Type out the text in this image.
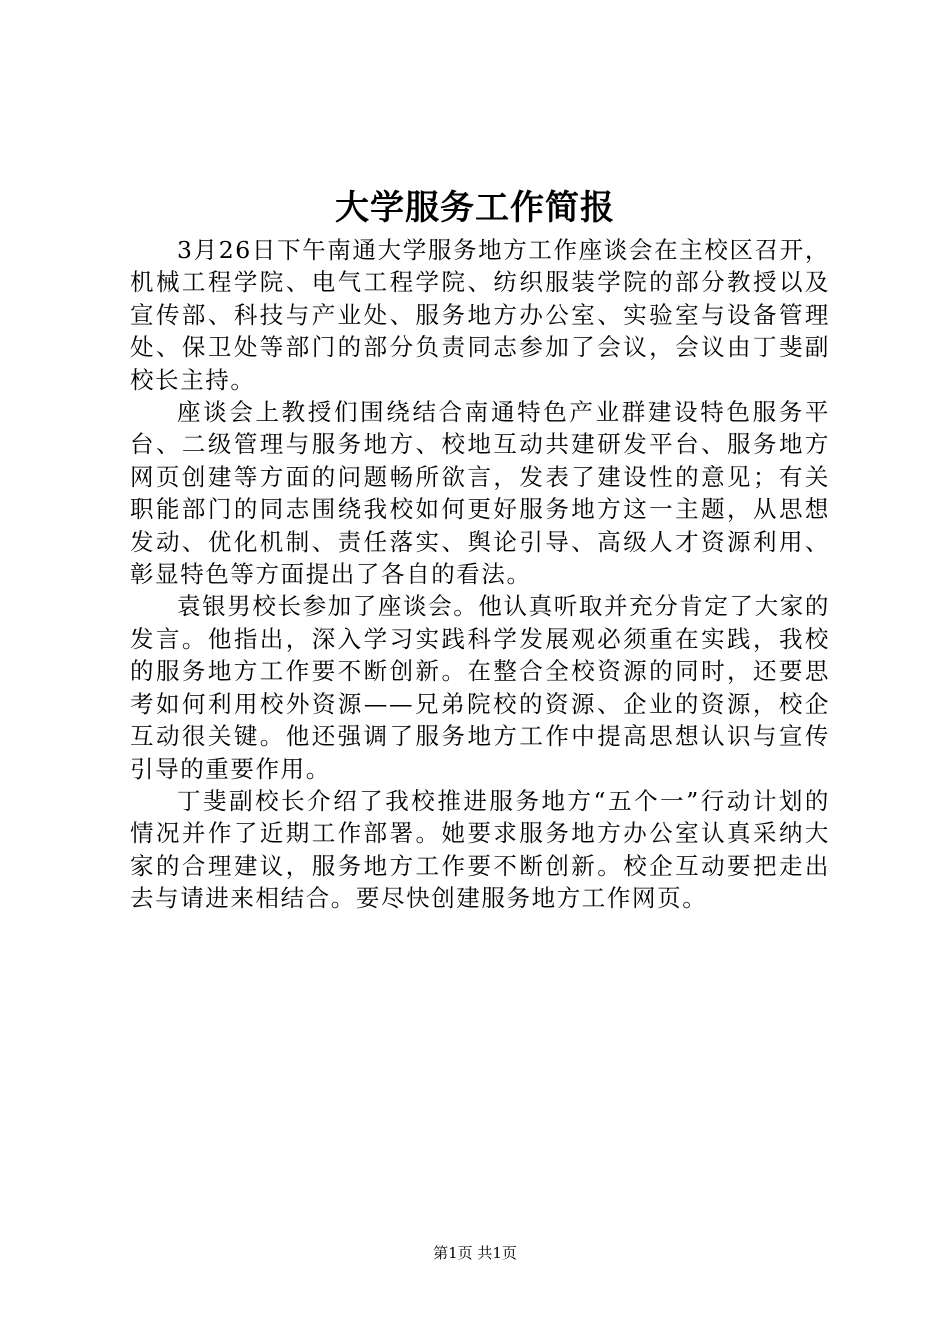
大学服务工作简报

3月26日下午南通大学服务地方工作座谈会在主校区召开，机械工程学院、电气工程学院、纺织服装学院的部分教授以及宣传部、科技与产业处、服务地方办公室、实验室与设备管理处、保卫处等部门的部分负责同志参加了会议，会议由丁斐副校长主持。

座谈会上教授们围绕结合南通特色产业群建设特色服务平台、二级管理与服务地方、校地互动共建研发平台、服务地方网页创建等方面的问题畅所欲言，发表了建设性的意见；有关职能部门的同志围绕我校如何更好服务地方这一主题，从思想发动、优化机制、责任落实、舆论引导、高级人才资源利用、彰显特色等方面提出了各自的看法。

袁银男校长参加了座谈会。他认真听取并充分肯定了大家的发言。他指出，深入学习实践科学发展观必须重在实践，我校的服务地方工作要不断创新。在整合全校资源的同时，还要思考如何利用校外资源——兄弟院校的资源、企业的资源，校企互动很关键。他还强调了服务地方工作中提高思想认识与宣传引导的重要作用。

丁斐副校长介绍了我校推进服务地方“五个一”行动计划的情况并作了近期工作部署。她要求服务地方办公室认真采纳大家的合理建议，服务地方工作要不断创新。校企互动要把走出去与请进来相结合。要尽快创建服务地方工作网页。

第1页 共1页
